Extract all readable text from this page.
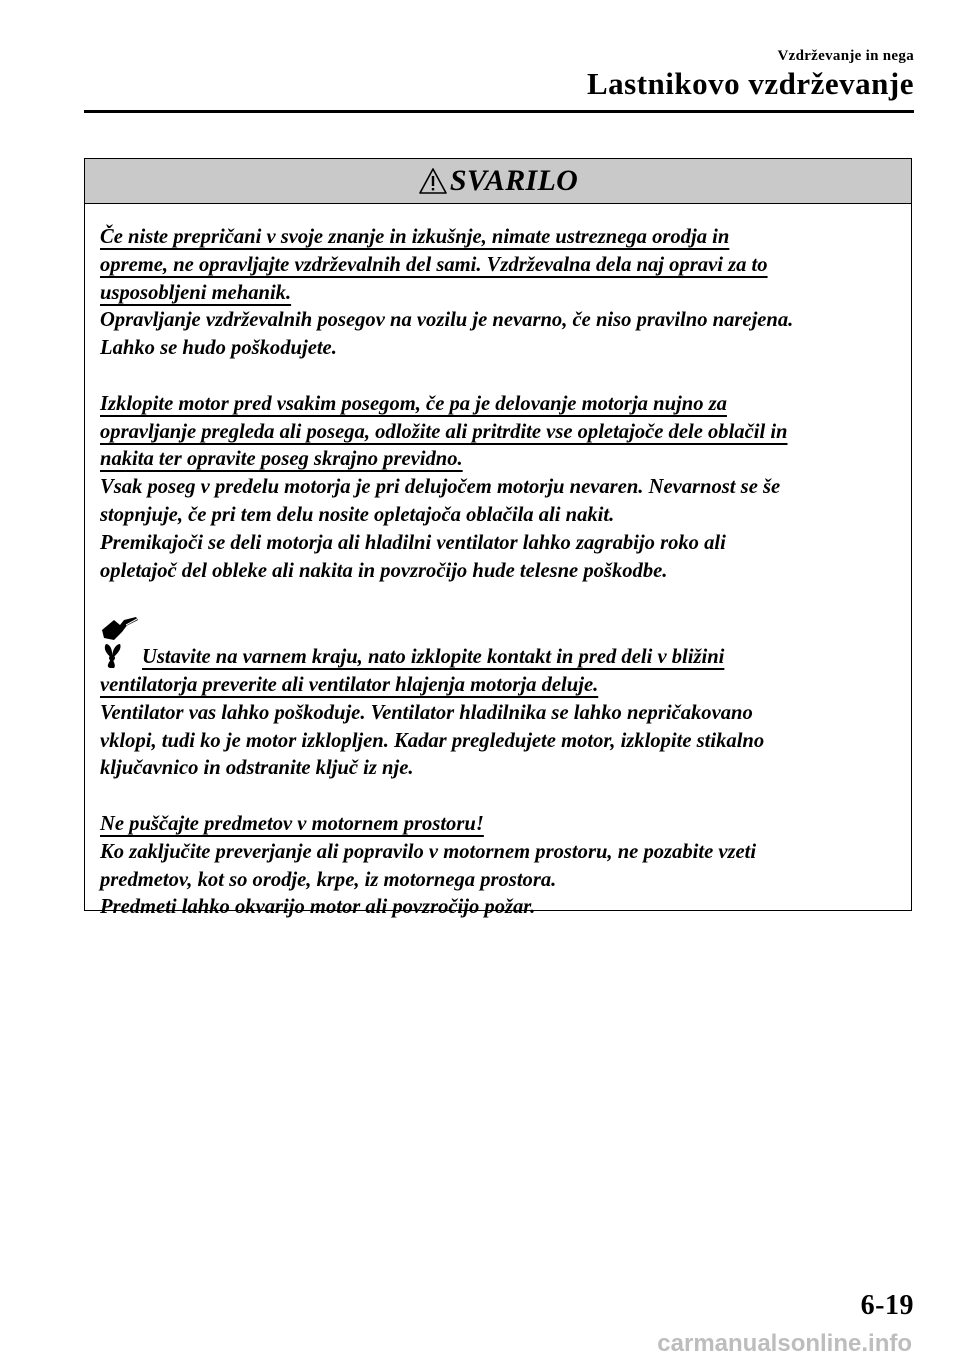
Vzdrževanje in nega
Lastnikovo vzdrževanje
SVARILO
Če niste prepričani v svoje znanje in izkušnje, nimate ustreznega orodja in
opreme, ne opravljajte vzdrževalnih del sami. Vzdrževalna dela naj opravi za to
usposobljeni mehanik.
Opravljanje vzdrževalnih posegov na vozilu je nevarno, če niso pravilno narejena.
Lahko se hudo poškodujete.
Izklopite motor pred vsakim posegom, če pa je delovanje motorja nujno za
opravljanje pregleda ali posega, odložite ali pritrdite vse opletajoče dele oblačil in
nakita ter opravite poseg skrajno previdno.
Vsak poseg v predelu motorja je pri delujočem motorju nevaren. Nevarnost se še
stopnjuje, če pri tem delu nosite opletajoča oblačila ali nakit.
Premikajoči se deli motorja ali hladilni ventilator lahko zagrabijo roko ali
opletajoč del obleke ali nakita in povzročijo hude telesne poškodbe.
Ustavite na varnem kraju, nato izklopite kontakt in pred deli v bližini
ventilatorja preverite ali ventilator hlajenja motorja deluje.
Ventilator vas lahko poškoduje. Ventilator hladilnika se lahko nepričakovano
vklopi, tudi ko je motor izklopljen. Kadar pregledujete motor, izklopite stikalno
ključavnico in odstranite ključ iz nje.
Ne puščajte predmetov v motornem prostoru!
Ko zaključite preverjanje ali popravilo v motornem prostoru, ne pozabite vzeti
predmetov, kot so orodje, krpe, iz motornega prostora.
Predmeti lahko okvarijo motor ali povzročijo požar.
6-19
carmanualsonline.info
